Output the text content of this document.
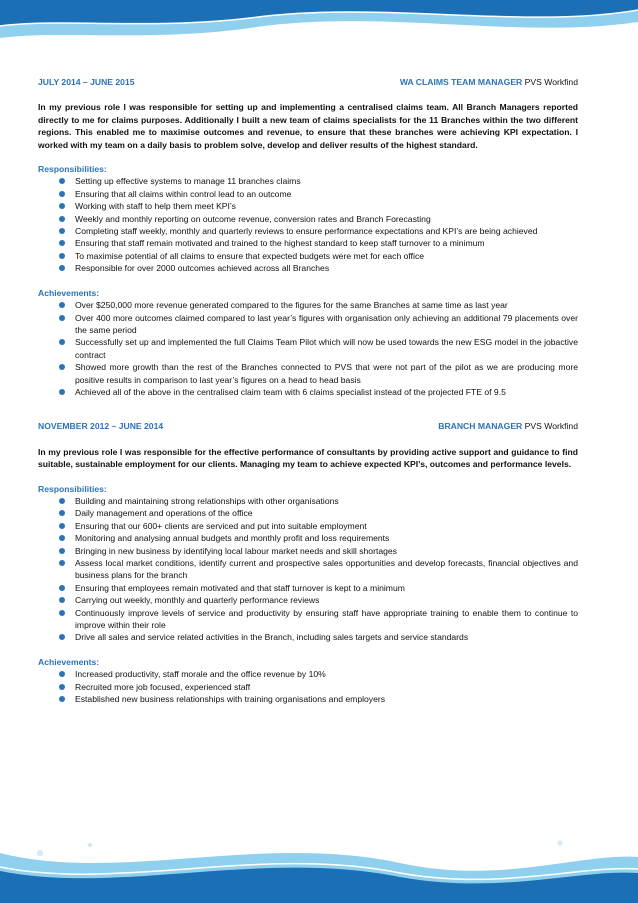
JULY 2014 – JUNE 2015	WA CLAIMS TEAM MANAGER PVS Workfind

In my previous role I was responsible for setting up and implementing a centralised claims team. All Branch Managers reported directly to me for claims purposes. Additionally I built a new team of claims specialists for the 11 Branches within the two different regions. This enabled me to maximise outcomes and revenue, to ensure that these branches were achieving KPI expectation. I worked with my team on a daily basis to problem solve, develop and deliver results of the highest standard.

Responsibilities:
Setting up effective systems to manage 11 branches claims
Ensuring that all claims within control lead to an outcome
Working with staff to help them meet KPI’s
Weekly and monthly reporting on outcome revenue, conversion rates and Branch Forecasting
Completing staff weekly, monthly and quarterly reviews to ensure performance expectations and KPI’s are being achieved
Ensuring that staff remain motivated and trained to the highest standard to keep staff turnover to a minimum
To maximise potential of all claims to ensure that expected budgets were met for each office
Responsible for over 2000 outcomes achieved across all Branches
Achievements:
Over $250,000 more revenue generated compared to the figures for the same Branches at same time as last year
Over 400 more outcomes claimed compared to last year’s figures with organisation only achieving an additional 79 placements over the same period
Successfully set up and implemented the full Claims Team Pilot which will now be used towards the new ESG model in the jobactive contract
Showed more growth than the rest of the Branches connected to PVS that were not part of the pilot as we are producing more positive results in comparison to last year’s figures on a head to head basis
Achieved all of the above in the centralised claim team with 6 claims specialist instead of the projected FTE of 9.5
NOVEMBER 2012 – JUNE 2014	BRANCH MANAGER PVS Workfind

In my previous role I was responsible for the effective performance of consultants by providing active support and guidance to find suitable, sustainable employment for our clients. Managing my team to achieve expected KPI’s, outcomes and performance levels.

Responsibilities:
Building and maintaining strong relationships with other organisations
Daily management and operations of the office
Ensuring that our 600+ clients are serviced and put into suitable employment
Monitoring and analysing annual budgets and monthly profit and loss requirements
Bringing in new business by identifying local labour market needs and skill shortages
Assess local market conditions, identify current and prospective sales opportunities and develop forecasts, financial objectives and business plans for the branch
Ensuring that employees remain motivated and that staff turnover is kept to a minimum
Carrying out weekly, monthly and quarterly performance reviews
Continuously improve levels of service and productivity by ensuring staff have appropriate training to enable them to continue to improve within their role
Drive all sales and service related activities in the Branch, including sales targets and service standards
Achievements:
Increased productivity, staff morale and the office revenue by 10%
Recruited more job focused, experienced staff
Established new business relationships with training organisations and employers
